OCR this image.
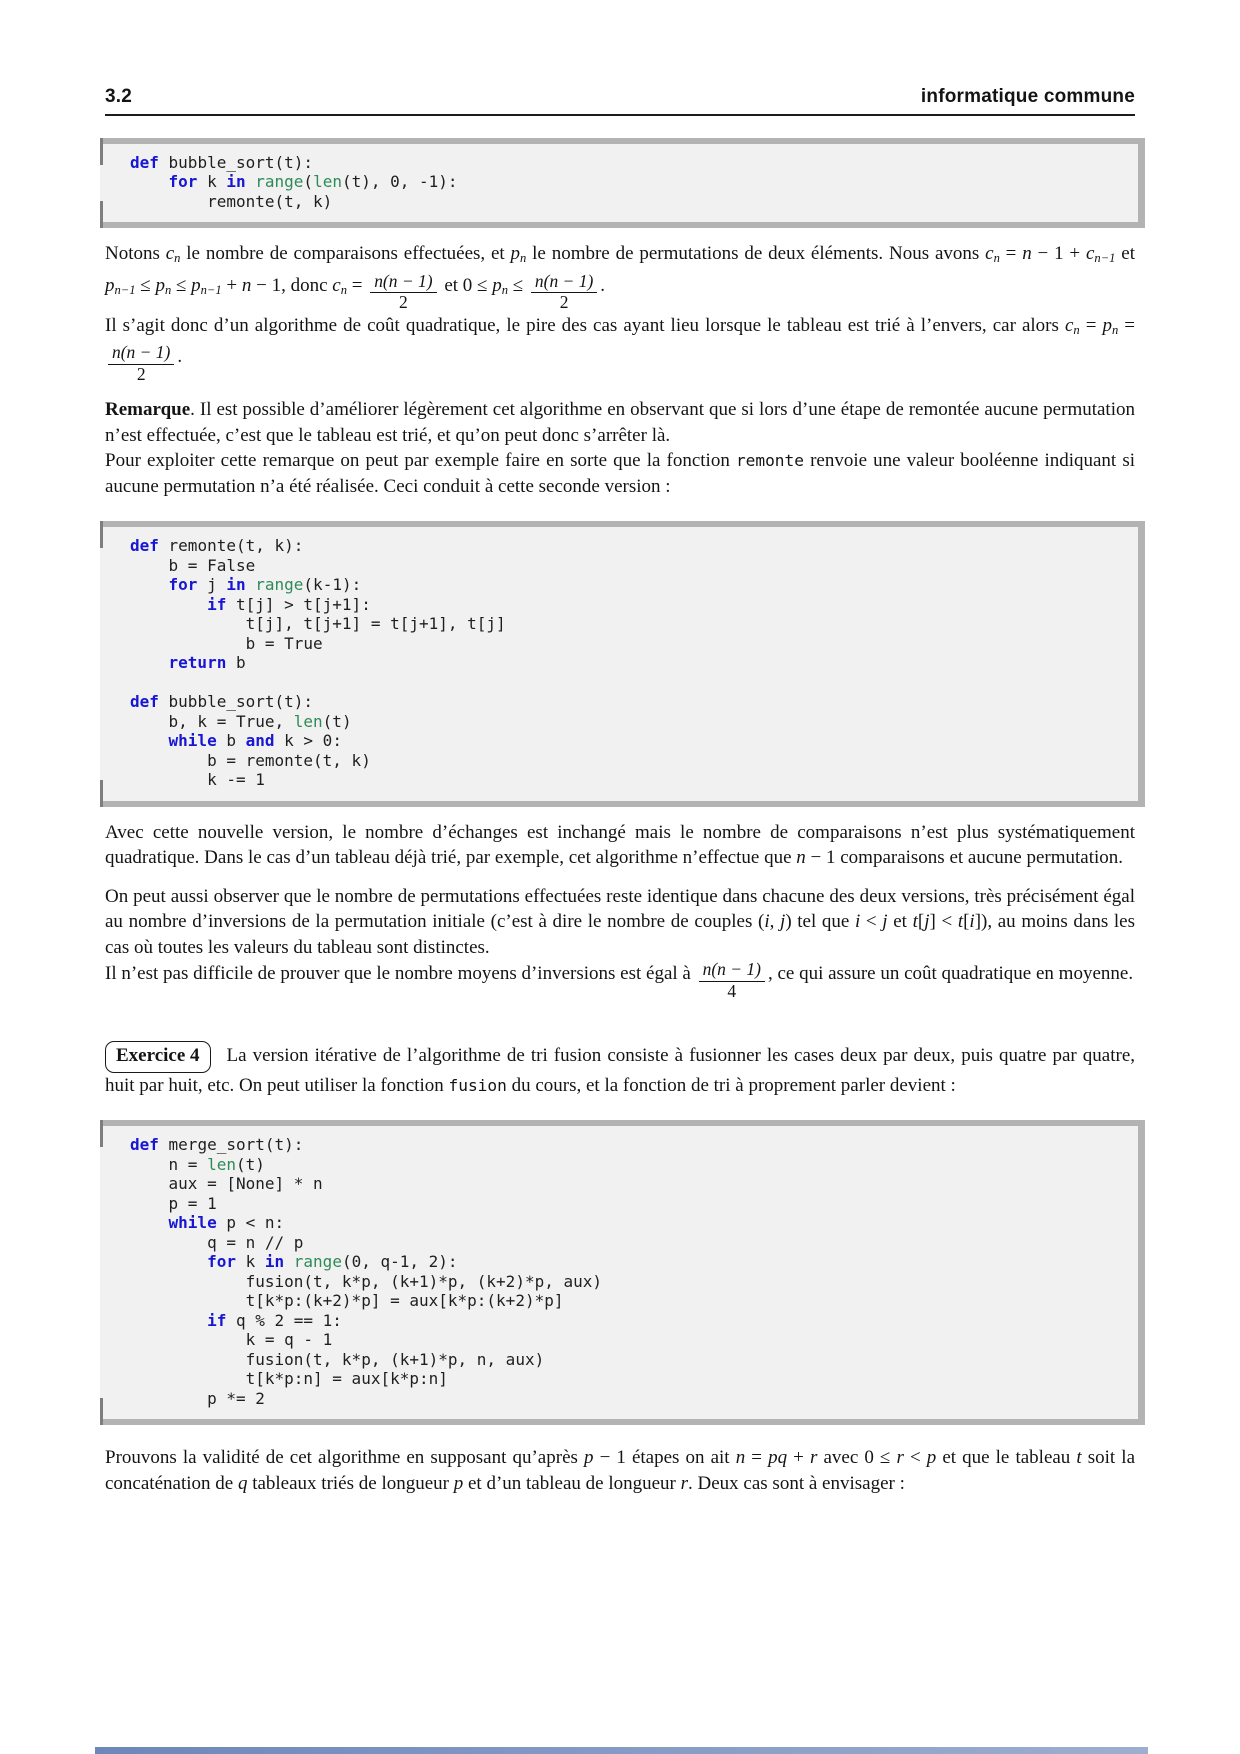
3.2	informatique commune
def bubble_sort(t):
for k in range(len(t), 0, -1):
remonte(t, k)

Notons cn le nombre de comparaisons effectuées, et pn le nombre de permutations de deux éléments. Nous avons cn = n − 1 + cn−1 et pn−1 ≤ pn ≤ pn−1 + n − 1, donc cn = $\frac{n(n - 1)}{2}$ et 0 ≤ pn ≤ $\frac{n(n - 1)}{2}$ .

Il s’agit donc d’un algorithme de coût quadratique, le pire des cas ayant lieu lorsque le tableau est trié à l’envers, car alors cn = pn =
$\frac{n(n - 1)}{2}$ .

Remarque. Il est possible d’améliorer légèrement cet algorithme en observant que si lors d’une étape de remontée aucune permutation n’est effectuée, c’est que le tableau est trié, et qu’on peut donc s’arrêter là.

Pour exploiter cette remarque on peut par exemple faire en sorte que la fonction remonte renvoie une valeur booléenne indiquant si aucune permutation n’a été réalisée. Ceci conduit à cette seconde version :

def remonte(t, k):
b = False
for j in range(k-1):
if t[j] > t[j+1]:
t[j], t[j+1] = t[j+1], t[j]
b = True
return b

def bubble_sort(t):
b, k = True, len(t)
while b and k > 0:
b = remonte(t, k)
k -= 1

Avec cette nouvelle version, le nombre d’échanges est inchangé mais le nombre de comparaisons n’est plus systématiquement quadratique. Dans le cas d’un tableau déjà trié, par exemple, cet algorithme n’effectue que n − 1 comparaisons et aucune permutation.

On peut aussi observer que le nombre de permutations effectuées reste identique dans chacune des deux versions, très précisément égal au nombre d’inversions de la permutation initiale (c’est à dire le nombre de couples (i, j) tel que i < j et t[j] < t[i]), au moins dans les cas où toutes les valeurs du tableau sont distinctes.

Il n’est pas difficile de prouver que le nombre moyens d’inversions est égal à $\frac{n(n - 1)}{4}$ , ce qui assure un coût quadratique en moyenne.

Exercice 4 La version itérative de l’algorithme de tri fusion consiste à fusionner les cases deux par deux, puis quatre par quatre, huit par huit, etc. On peut utiliser la fonction fusion du cours, et la fonction de tri à proprement parler devient :

def merge_sort(t):
n = len(t)
aux = [None] * n
p = 1
while p < n:
q = n // p
for k in range(0, q-1, 2):
fusion(t, k*p, (k+1)*p, (k+2)*p, aux)
t[k*p:(k+2)*p] = aux[k*p:(k+2)*p]
if q % 2 == 1:
k = q - 1
fusion(t, k*p, (k+1)*p, n, aux)
t[k*p:n] = aux[k*p:n]
p *= 2

Prouvons la validité de cet algorithme en supposant qu’après p − 1 étapes on ait n = pq + r avec 0 ≤ r < p et que le tableau t soit la concaténation de q tableaux triés de longueur p et d’un tableau de longueur r. Deux cas sont à envisager :
